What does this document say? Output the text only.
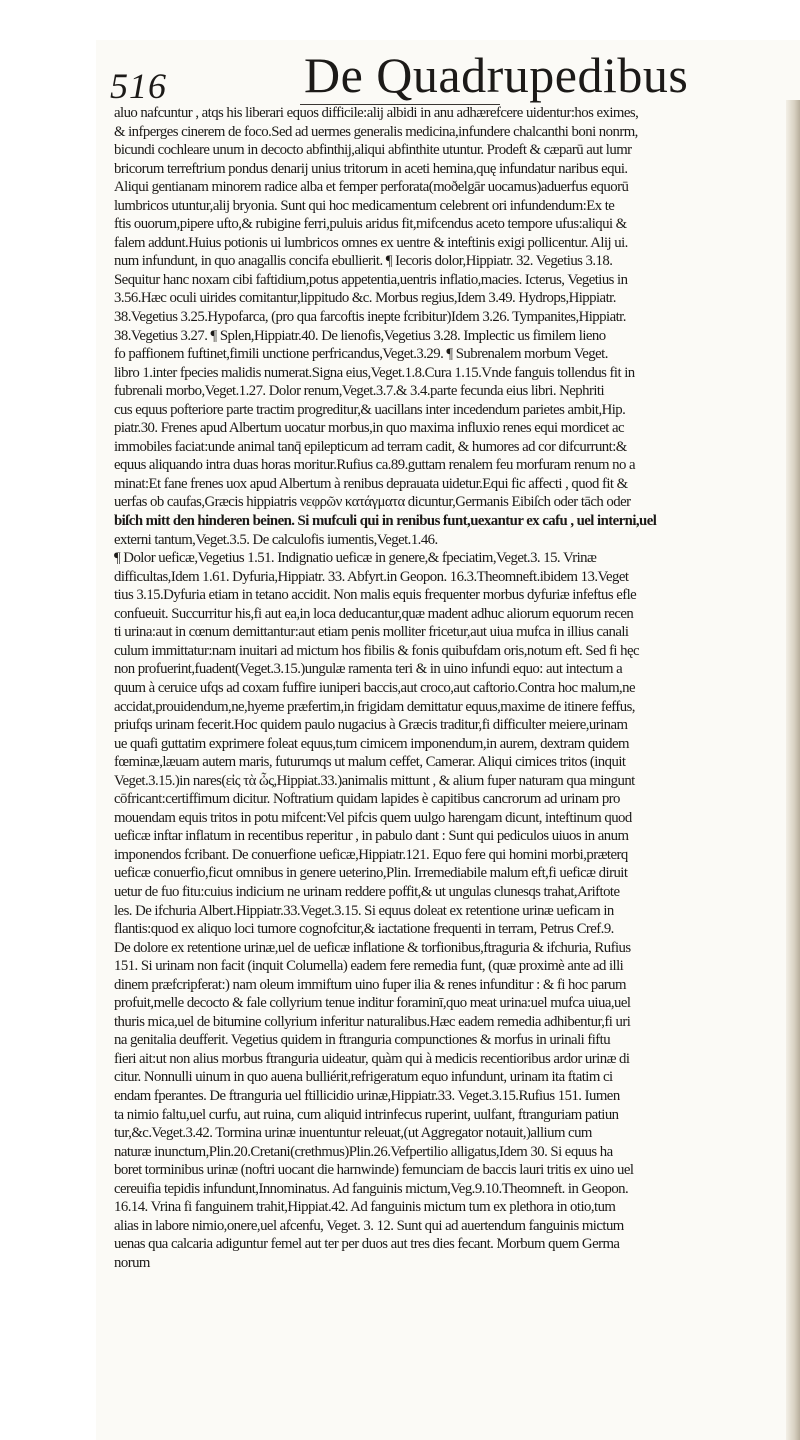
516	De Quadrupedibus
aluo nafcuntur , atqs his liberari equos difficile:alij albidi in anu adhærefcere uidentur:hos eximes,
& infperges cinerem de foco.Sed ad uermes generalis medicina,infundere chalcanthi boni nonrm,
bicundi cochleare unum in decocto abfinthij,aliqui abfinthite utuntur. Prodeft & cæparū aut lumr
bricorum terreftrium pondus denarij unius tritorum in aceti hemina,quę infundatur naribus equi.
Aliqui gentianam minorem radice alba et femper perforata(moðelgār uocamus)aduerfus equorū
lumbricos utuntur,alij bryonia. Sunt qui hoc medicamentum celebrent ori infundendum:Ex te
ftis ouorum,pipere ufto,& rubigine ferri,puluis aridus fit,mifcendus aceto tempore ufus:aliqui &
falem addunt.Huius potionis ui lumbricos omnes ex uentre & inteftinis exigi pollicentur. Alij ui.
num infundunt, in quo anagallis concifa ebullierit. ¶ Iecoris dolor,Hippiatr. 32. Vegetius 3.18.
Sequitur hanc noxam cibi faftidium,potus appetentia,uentris inflatio,macies. Icterus, Vegetius in
3.56.Hæc oculi uirides comitantur,lippitudo &c. Morbus regius,Idem 3.49. Hydrops,Hippiatr.
38.Vegetius 3.25.Hypofarca, (pro qua farcoftis inepte fcribitur)Idem 3.26. Tympanites,Hippiatr.
38.Vegetius 3.27. ¶ Splen,Hippiatr.40. De lienofis,Vegetius 3.28. Implectic us fimilem lieno
fo paffionem fuftinet,fimili unctione perfricandus,Veget.3.29. ¶ Subrenalem morbum Veget.
libro 1.inter fpecies malidis numerat.Signa eius,Veget.1.8.Cura 1.15.Vnde fanguis tollendus fit in
fubrenali morbo,Veget.1.27. Dolor renum,Veget.3.7.& 3.4.parte fecunda eius libri. Nephriti
cus equus pofteriore parte tractim progreditur,& uacillans inter incedendum parietes ambit,Hip.
piatr.30. Frenes apud Albertum uocatur morbus,in quo maxima influxio renes equi mordicet ac
immobiles faciat:unde animal tanq̄ epilepticum ad terram cadit, & humores ad cor difcurrunt:&
equus aliquando intra duas horas moritur.Rufius ca.89.guttam renalem feu morfuram renum no a
minat:Et fane frenes uox apud Albertum à renibus deprauata uidetur.Equi fic affecti , quod fit &
uerfas ob caufas,Græcis hippiatris νεφρῶν κατάγματα dicuntur,Germanis Eibiſch oder tāch oder
biſch mitt den hinderen beinen. Si mufculi qui in renibus funt,uexantur ex cafu , uel interni,uel
externi tantum,Veget.3.5. De calculofis iumentis,Veget.1.46.
¶ Dolor ueficæ,Vegetius 1.51. Indignatio ueficæ in genere,& fpeciatim,Veget.3. 15. Vrinæ
difficultas,Idem 1.61. Dyfuria,Hippiatr. 33. Abfyrt.in Geopon. 16.3.Theomneft.ibidem 13.Veget
tius 3.15.Dyfuria etiam in tetano accidit. Non malis equis frequenter morbus dyfuriæ infeftus efle
confueuit. Succurritur his,fi aut ea,in loca deducantur,quæ madent adhuc aliorum equorum recen
ti urina:aut in cœnum demittantur:aut etiam penis molliter fricetur,aut uiua mufca in illius canali
culum immittatur:nam inuitari ad mictum hos fibilis & fonis quibufdam oris,notum eft. Sed fi hęc
non profuerint,fuadent(Veget.3.15.)ungulæ ramenta teri & in uino infundi equo: aut intectum a
quum à ceruice ufqs ad coxam fuffire iuniperi baccis,aut croco,aut caftorio.Contra hoc malum,ne
accidat,prouidendum,ne,hyeme præfertim,in frigidam demittatur equus,maxime de itinere feffus,
priufqs urinam fecerit.Hoc quidem paulo nugacius à Græcis traditur,fi difficulter meiere,urinam
ue quafi guttatim exprimere foleat equus,tum cimicem imponendum,in aurem, dextram quidem
fœminæ,læuam autem maris, futurumqs ut malum ceffet, Camerar. Aliqui cimices tritos (inquit
Veget.3.15.)in nares(εἰς τὰ ὦς,Hippiat.33.)animalis mittunt , & alium fuper naturam qua mingunt
cōfricant:certiffimum dicitur. Noftratium quidam lapides è capitibus cancrorum ad urinam pro
mouendam equis tritos in potu mifcent:Vel pifcis quem uulgo harengam dicunt, inteftinum quod
ueficæ inftar inflatum in recentibus reperitur , in pabulo dant : Sunt qui pediculos uiuos in anum
imponendos fcribant. De conuerfione ueficæ,Hippiatr.121. Equo fere qui homini morbi,præterq
ueficæ conuerfio,ficut omnibus in genere ueterino,Plin. Irremediabile malum eft,fi ueficæ diruit
uetur de fuo fitu:cuius indicium ne urinam reddere poffit,& ut ungulas clunesqs trahat,Ariftote
les. De ifchuria Albert.Hippiatr.33.Veget.3.15. Si equus doleat ex retentione urinæ ueficam in
flantis:quod ex aliquo loci tumore cognofcitur,& iactatione frequenti in terram, Petrus Cref.9.
De dolore ex retentione urinæ,uel de ueficæ inflatione & torfionibus,ftraguria & ifchuria, Rufius
151. Si urinam non facit (inquit Columella) eadem fere remedia funt, (quæ proximè ante ad illi
dinem præfcripferat:) nam oleum immiftum uino fuper ilia & renes infunditur : & fi hoc parum
profuit,melle decocto & fale collyrium tenue inditur foraminī,quo meat urina:uel mufca uiua,uel
thuris mica,uel de bitumine collyrium inferitur naturalibus.Hæc eadem remedia adhibentur,fi uri
na genitalia deufferit. Vegetius quidem in ftranguria compunctiones & morfus in urinali fiftu
fieri ait:ut non alius morbus ftranguria uideatur, quàm qui à medicis recentioribus ardor urinæ di
citur. Nonnulli uinum in quo auena bulliérit,refrigeratum equo infundunt, urinam ita ftatim ci
endam fperantes. De ftranguria uel ftillicidio urinæ,Hippiatr.33. Veget.3.15.Rufius 151. Iumen
ta nimio faltu,uel curfu, aut ruina, cum aliquid intrinfecus ruperint, uulfant, ftranguriam patiun
tur,&c.Veget.3.42. Tormina urinæ inuentuntur releuat,(ut Aggregator notauit,)allium cum
naturæ inunctum,Plin.20.Cretani(crethmus)Plin.26.Vefpertilio alligatus,Idem 30. Si equus ha
boret torminibus urinæ (noftri uocant die harnwinde) femunciam de baccis lauri tritis ex uino uel
cereuifia tepidis infundunt,Innominatus. Ad fanguinis mictum,Veg.9.10.Theomneft. in Geopon.
16.14. Vrina fi fanguinem trahit,Hippiat.42. Ad fanguinis mictum tum ex plethora in otio,tum
alias in labore nimio,onere,uel afcenfu, Veget. 3. 12. Sunt qui ad auertendum fanguinis mictum
uenas qua calcaria adiguntur femel aut ter per duos aut tres dies fecant. Morbum quem Germa
norum
